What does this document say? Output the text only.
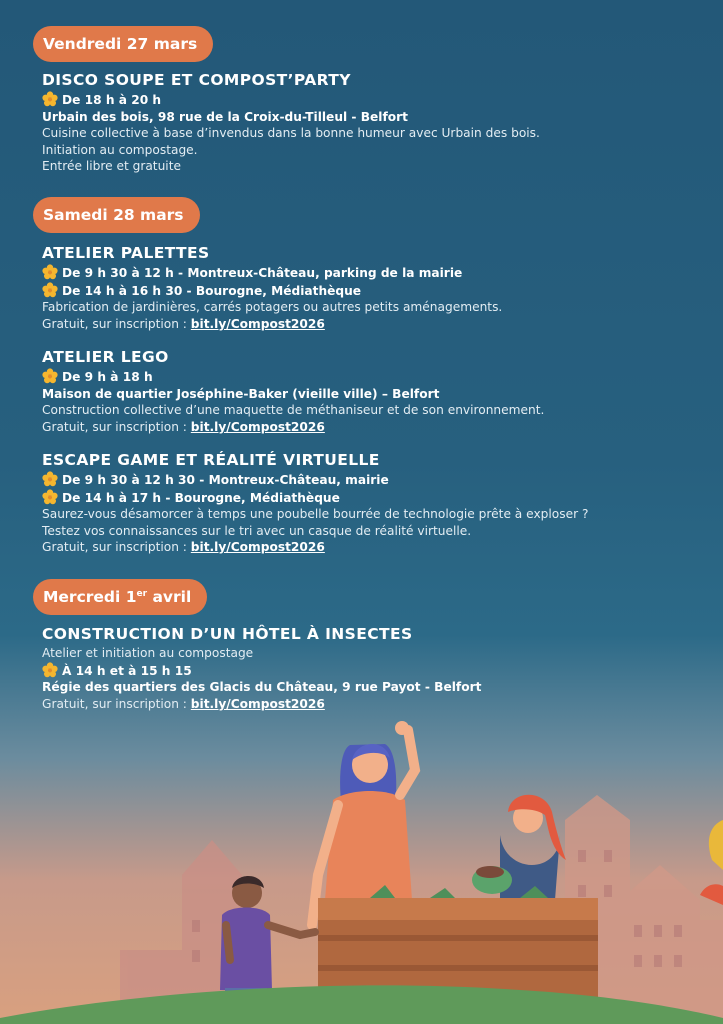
Vendredi 27 mars
DISCO SOUPE ET COMPOST’PARTY
De 18 h à 20 h
Urbain des bois, 98 rue de la Croix-du-Tilleul - Belfort
Cuisine collective à base d’invendus dans la bonne humeur avec Urbain des bois.
Initiation au compostage.
Entrée libre et gratuite
Samedi 28 mars
ATELIER PALETTES
De 9 h 30 à 12 h - Montreux-Château, parking de la mairie
De 14 h à 16 h 30 - Bourogne, Médiathèque
Fabrication de jardinières, carrés potagers ou autres petits aménagements.
Gratuit, sur inscription : bit.ly/Compost2026
ATELIER LEGO
De 9 h à 18 h
Maison de quartier Joséphine-Baker (vieille ville) – Belfort
Construction collective d’une maquette de méthaniseur et de son environnement.
Gratuit, sur inscription : bit.ly/Compost2026
ESCAPE GAME ET RÉALITÉ VIRTUELLE
De 9 h 30 à 12 h 30 - Montreux-Château, mairie
De 14 h à 17 h - Bourogne, Médiathèque
Saurez-vous désamorcer à temps une poubelle bourrée de technologie prête à exploser ?
Testez vos connaissances sur le tri avec un casque de réalité virtuelle.
Gratuit, sur inscription : bit.ly/Compost2026
Mercredi 1er avril
CONSTRUCTION D’UN HÔTEL À INSECTES
Atelier et initiation au compostage
À 14 h et à 15 h 15
Régie des quartiers des Glacis du Château, 9 rue Payot - Belfort
Gratuit, sur inscription : bit.ly/Compost2026
